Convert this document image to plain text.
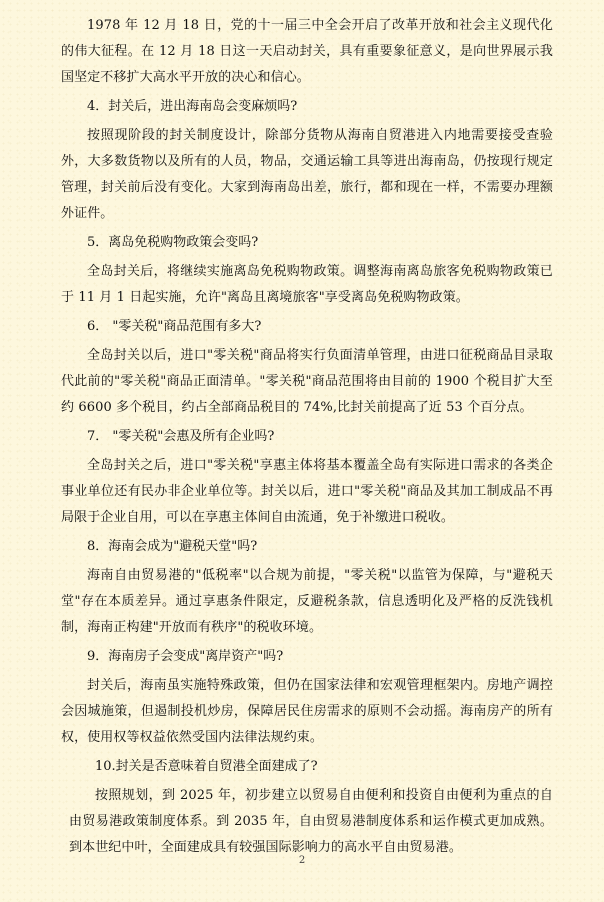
1978 年 12 月 18 日，党的十一届三中全会开启了改革开放和社会主义现代化的伟大征程。在 12 月 18 日这一天启动封关，具有重要象征意义，是向世界展示我国坚定不移扩大高水平开放的决心和信心。

4．封关后，进出海南岛会变麻烦吗?

按照现阶段的封关制度设计，除部分货物从海南自贸港进入内地需要接受查验外，大多数货物以及所有的人员，物品，交通运输工具等进出海南岛，仍按现行规定管理，封关前后没有变化。大家到海南岛出差，旅行，都和现在一样，不需要办理额外证件。

5．离岛免税购物政策会变吗?

全岛封关后，将继续实施离岛免税购物政策。调整海南离岛旅客免税购物政策已于 11 月 1 日起实施，允许"离岛且离境旅客"享受离岛免税购物政策。

6． "零关税"商品范围有多大?

全岛封关以后，进口"零关税"商品将实行负面清单管理，由进口征税商品目录取代此前的"零关税"商品正面清单。"零关税"商品范围将由目前的 1900 个税目扩大至约 6600 多个税目，约占全部商品税目的 74%,比封关前提高了近 53 个百分点。

7． "零关税"会惠及所有企业吗?

全岛封关之后，进口"零关税"享惠主体将基本覆盖全岛有实际进口需求的各类企事业单位还有民办非企业单位等。封关以后，进口"零关税"商品及其加工制成品不再局限于企业自用，可以在享惠主体间自由流通，免于补缴进口税收。

8．海南会成为"避税天堂"吗?

海南自由贸易港的"低税率"以合规为前提，"零关税"以监管为保障，与"避税天堂"存在本质差异。通过享惠条件限定，反避税条款，信息透明化及严格的反洗钱机制，海南正构建"开放而有秩序"的税收环境。

9．海南房子会变成"离岸资产"吗?

封关后，海南虽实施特殊政策，但仍在国家法律和宏观管理框架内。房地产调控会因城施策，但遏制投机炒房，保障居民住房需求的原则不会动摇。海南房产的所有权，使用权等权益依然受国内法律法规约束。

10.封关是否意味着自贸港全面建成了?

按照规划，到 2025 年，初步建立以贸易自由便利和投资自由便利为重点的自由贸易港政策制度体系。到 2035 年，自由贸易港制度体系和运作模式更加成熟。到本世纪中叶，全面建成具有较强国际影响力的高水平自由贸易港。

2
